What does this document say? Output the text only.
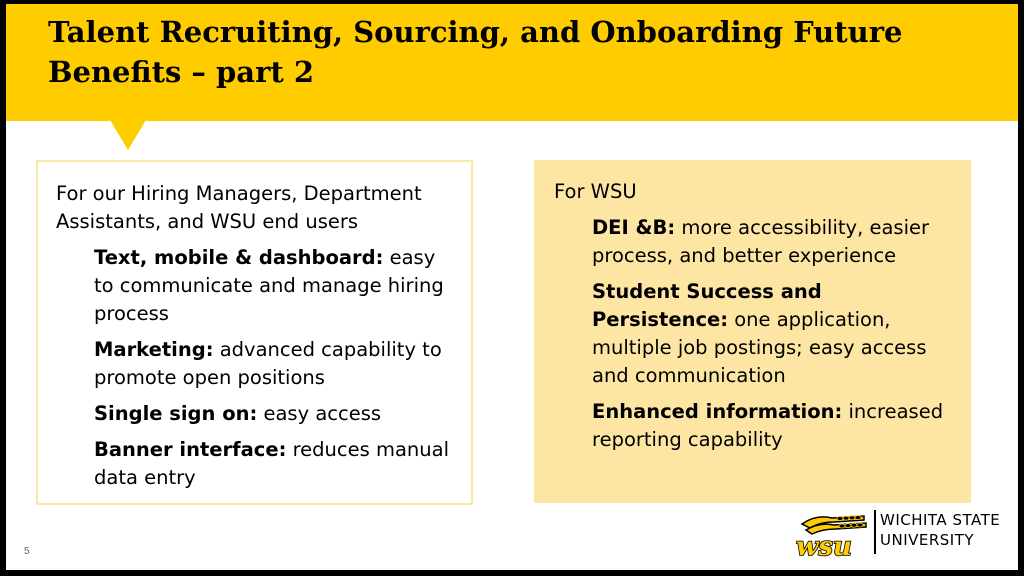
Talent Recruiting, Sourcing, and Onboarding Future Benefits – part 2

For our Hiring Managers, Department Assistants, and WSU end users

Text, mobile & dashboard: easy to communicate and manage hiring process
Marketing: advanced capability to promote open positions
Single sign on: easy access
Banner interface: reduces manual data entry

For WSU

DEI &B: more accessibility, easier process, and better experience
Student Success and Persistence: one application, multiple job postings; easy access and communication
Enhanced information: increased reporting capability
wsu
WICHITA STATE
UNIVERSITY
5
